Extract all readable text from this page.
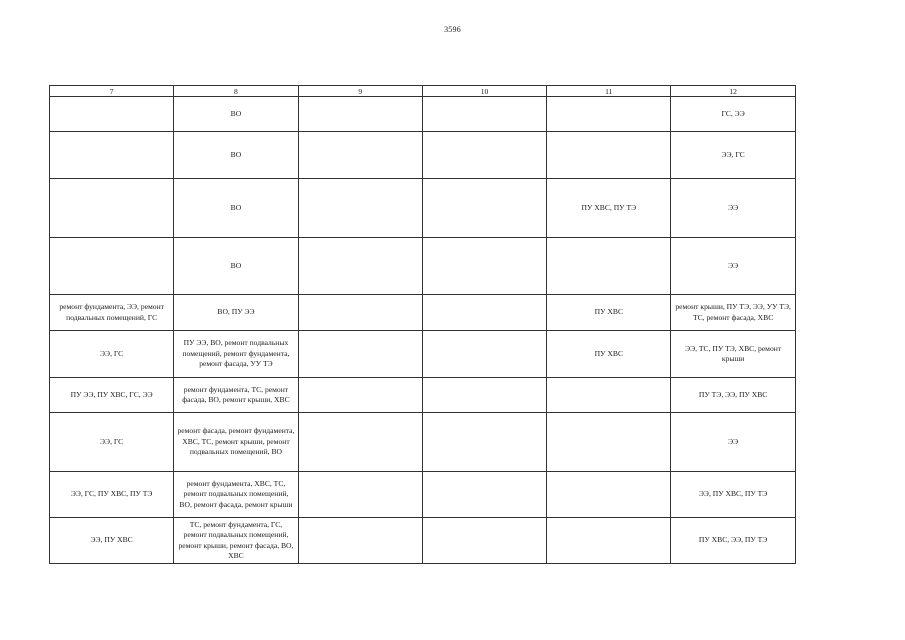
3596
7	8	9	10	11	12
	ВО				ГС, ЭЭ
	ВО				ЭЭ, ГС
	ВО			ПУ ХВС, ПУ ТЭ	ЭЭ
	ВО				ЭЭ
ремонт фундамента, ЭЭ, ремонт подвальных помещений, ГС	ВО, ПУ ЭЭ			ПУ ХВС	ремонт крыши, ПУ ТЭ, ЭЭ, УУ ТЭ, ТС, ремонт фасада, ХВС
ЭЭ, ГС	ПУ ЭЭ, ВО, ремонт подвальных помещений, ремонт фундамента, ремонт фасада, УУ ТЭ			ПУ ХВС	ЭЭ, ТС, ПУ ТЭ, ХВС, ремонт крыши
ПУ ЭЭ, ПУ ХВС, ГС, ЭЭ	ремонт фундамента, ТС, ремонт фасада, ВО, ремонт крыши, ХВС				ПУ ТЭ, ЭЭ, ПУ ХВС
ЭЭ, ГС	ремонт фасада, ремонт фундамента, ХВС, ТС, ремонт крыши, ремонт подвальных помещений, ВО				ЭЭ
ЭЭ, ГС, ПУ ХВС, ПУ ТЭ	ремонт фундамента, ХВС, ТС, ремонт подвальных помещений, ВО, ремонт фасада, ремонт крыши				ЭЭ, ПУ ХВС, ПУ ТЭ
ЭЭ, ПУ ХВС	ТС, ремонт фундамента, ГС, ремонт подвальных помещений, ремонт крыши, ремонт фасада, ВО, ХВС				ПУ ХВС, ЭЭ, ПУ ТЭ
